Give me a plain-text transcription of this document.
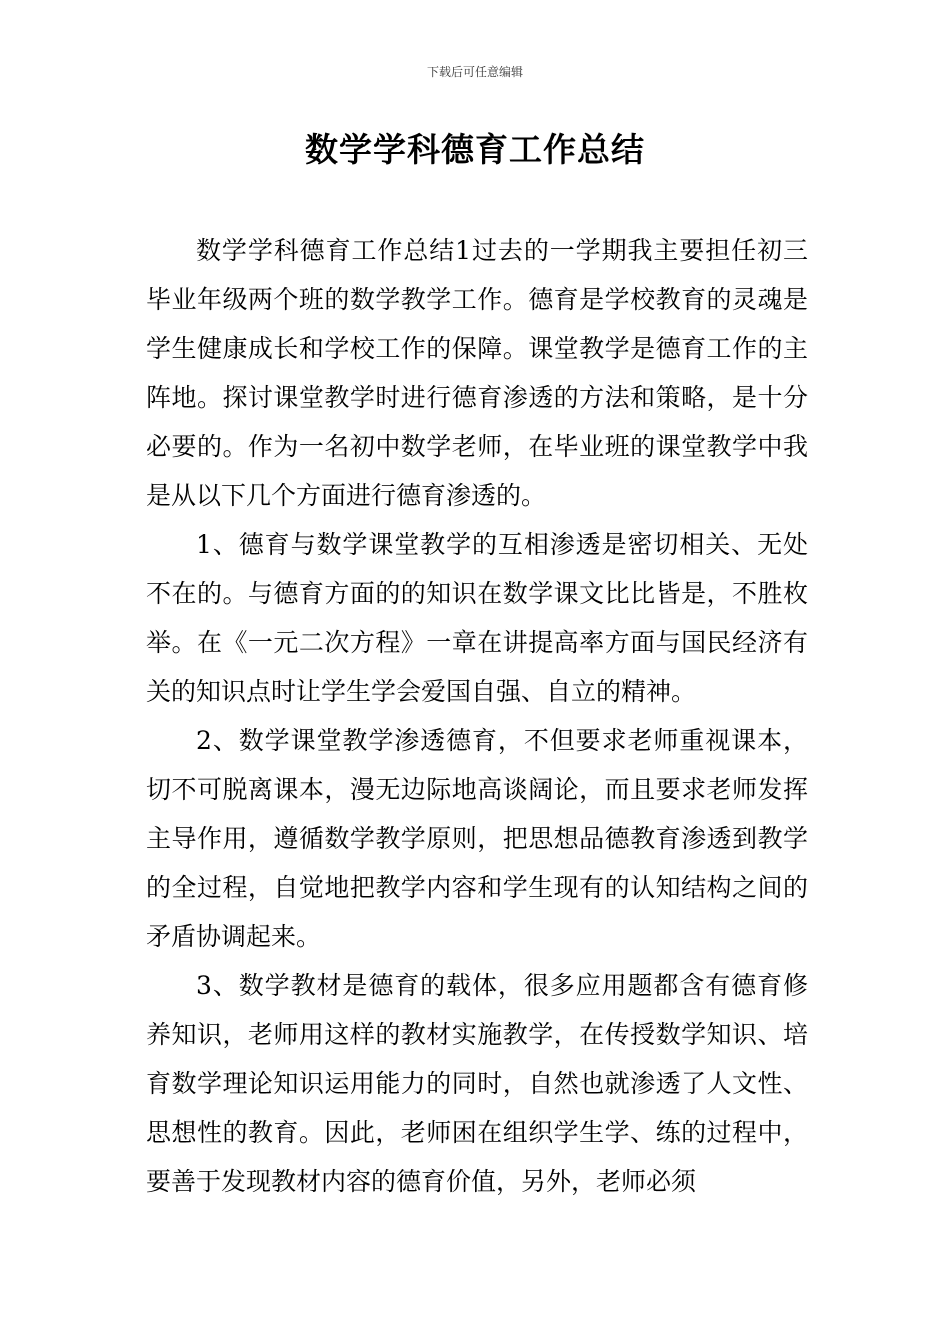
下载后可任意编辑
数学学科德育工作总结

数学学科德育工作总结1过去的一学期我主要担任初三毕业年级两个班的数学教学工作。德育是学校教育的灵魂是学生健康成长和学校工作的保障。课堂教学是德育工作的主阵地。探讨课堂教学时进行德育渗透的方法和策略，是十分必要的。作为一名初中数学老师，在毕业班的课堂教学中我是从以下几个方面进行德育渗透的。

1、德育与数学课堂教学的互相渗透是密切相关、无处不在的。与德育方面的的知识在数学课文比比皆是，不胜枚举。在《一元二次方程》一章在讲提高率方面与国民经济有关的知识点时让学生学会爱国自强、自立的精神。

2、数学课堂教学渗透德育，不但要求老师重视课本，切不可脱离课本，漫无边际地高谈阔论，而且要求老师发挥主导作用，遵循数学教学原则，把思想品德教育渗透到教学的全过程，自觉地把教学内容和学生现有的认知结构之间的矛盾协调起来。

3、数学教材是德育的载体，很多应用题都含有德育修养知识，老师用这样的教材实施教学，在传授数学知识、培育数学理论知识运用能力的同时，自然也就渗透了人文性、思想性的教育。因此，老师困在组织学生学、练的过程中，要善于发现教材内容的德育价值，另外，老师必须
